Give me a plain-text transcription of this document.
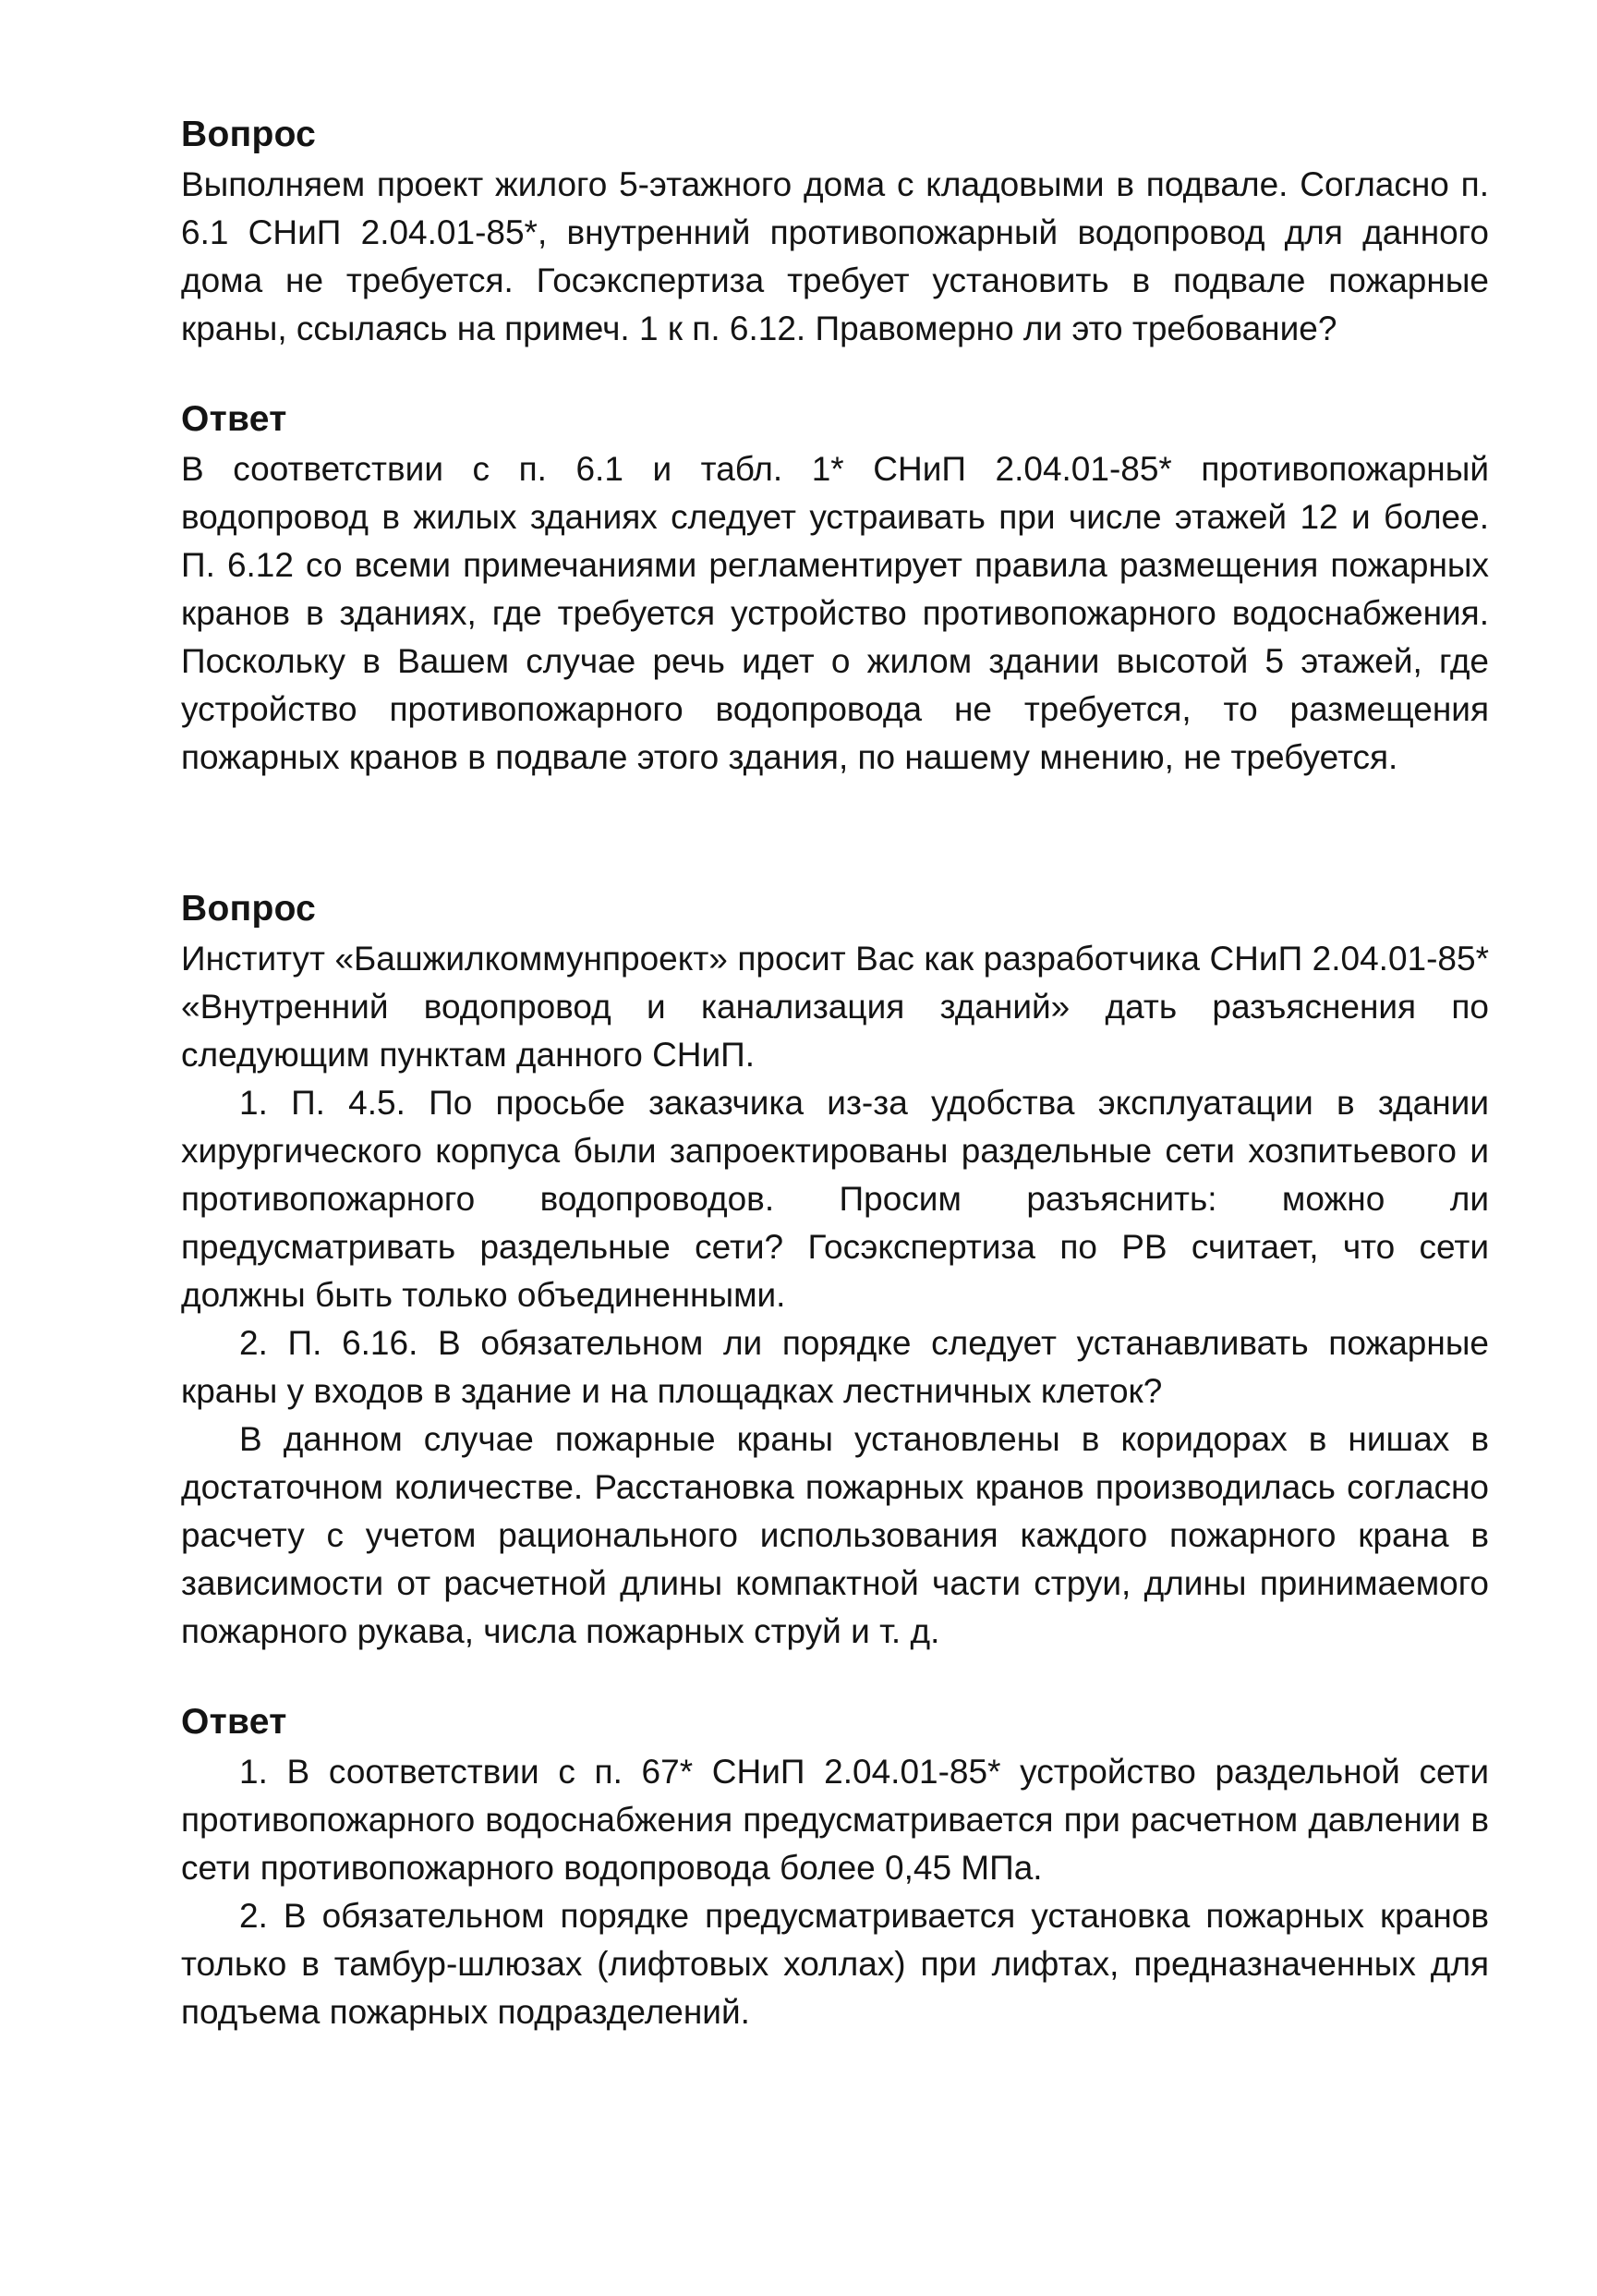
Вопрос

Выполняем проект жилого 5-этажного дома с кладовыми в подвале. Согласно п. 6.1 СНиП 2.04.01-85*, внутренний противопожарный водопровод для данного дома не требуется. Госэкспертиза требует установить в подвале пожарные краны, ссылаясь на примеч. 1 к п. 6.12. Правомерно ли это требование?

Ответ

В соответствии с п. 6.1 и табл. 1* СНиП 2.04.01-85* противопожарный водопровод в жилых зданиях следует устраивать при числе этажей 12 и более. П. 6.12 со всеми примечаниями регламентирует правила размещения пожарных кранов в зданиях, где требуется устройство противопожарного водоснабжения. Поскольку в Вашем случае речь идет о жилом здании высотой 5 этажей, где устройство противопожарного водопровода не требуется, то размещения пожарных кранов в подвале этого здания, по нашему мнению, не требуется.

Вопрос

Институт «Башжилкоммунпроект» просит Вас как разработчика СНиП 2.04.01-85* «Внутренний водопровод и канализация зданий» дать разъяснения по следующим пунктам данного СНиП.

1. П. 4.5. По просьбе заказчика из-за удобства эксплуатации в здании хирургического корпуса были запроектированы раздельные сети хозпитьевого и противопожарного водопроводов. Просим разъяснить: можно ли предусматривать раздельные сети? Госэкспертиза по РВ считает, что сети должны быть только объединенными.

2. П. 6.16. В обязательном ли порядке следует устанавливать пожарные краны у входов в здание и на площадках лестничных клеток?

В данном случае пожарные краны установлены в коридорах в нишах в достаточном количестве. Расстановка пожарных кранов производилась согласно расчету с учетом рационального использования каждого пожарного крана в зависимости от расчетной длины компактной части струи, длины принимаемого пожарного рукава, числа пожарных струй и т. д.

Ответ

1. В соответствии с п. 67* СНиП 2.04.01-85* устройство раздельной сети противопожарного водоснабжения предусматривается при расчетном давлении в сети противопожарного водопровода более 0,45 МПа.

2. В обязательном порядке предусматривается установка пожарных кранов только в тамбур-шлюзах (лифтовых холлах) при лифтах, предназначенных для подъема пожарных подразделений.
